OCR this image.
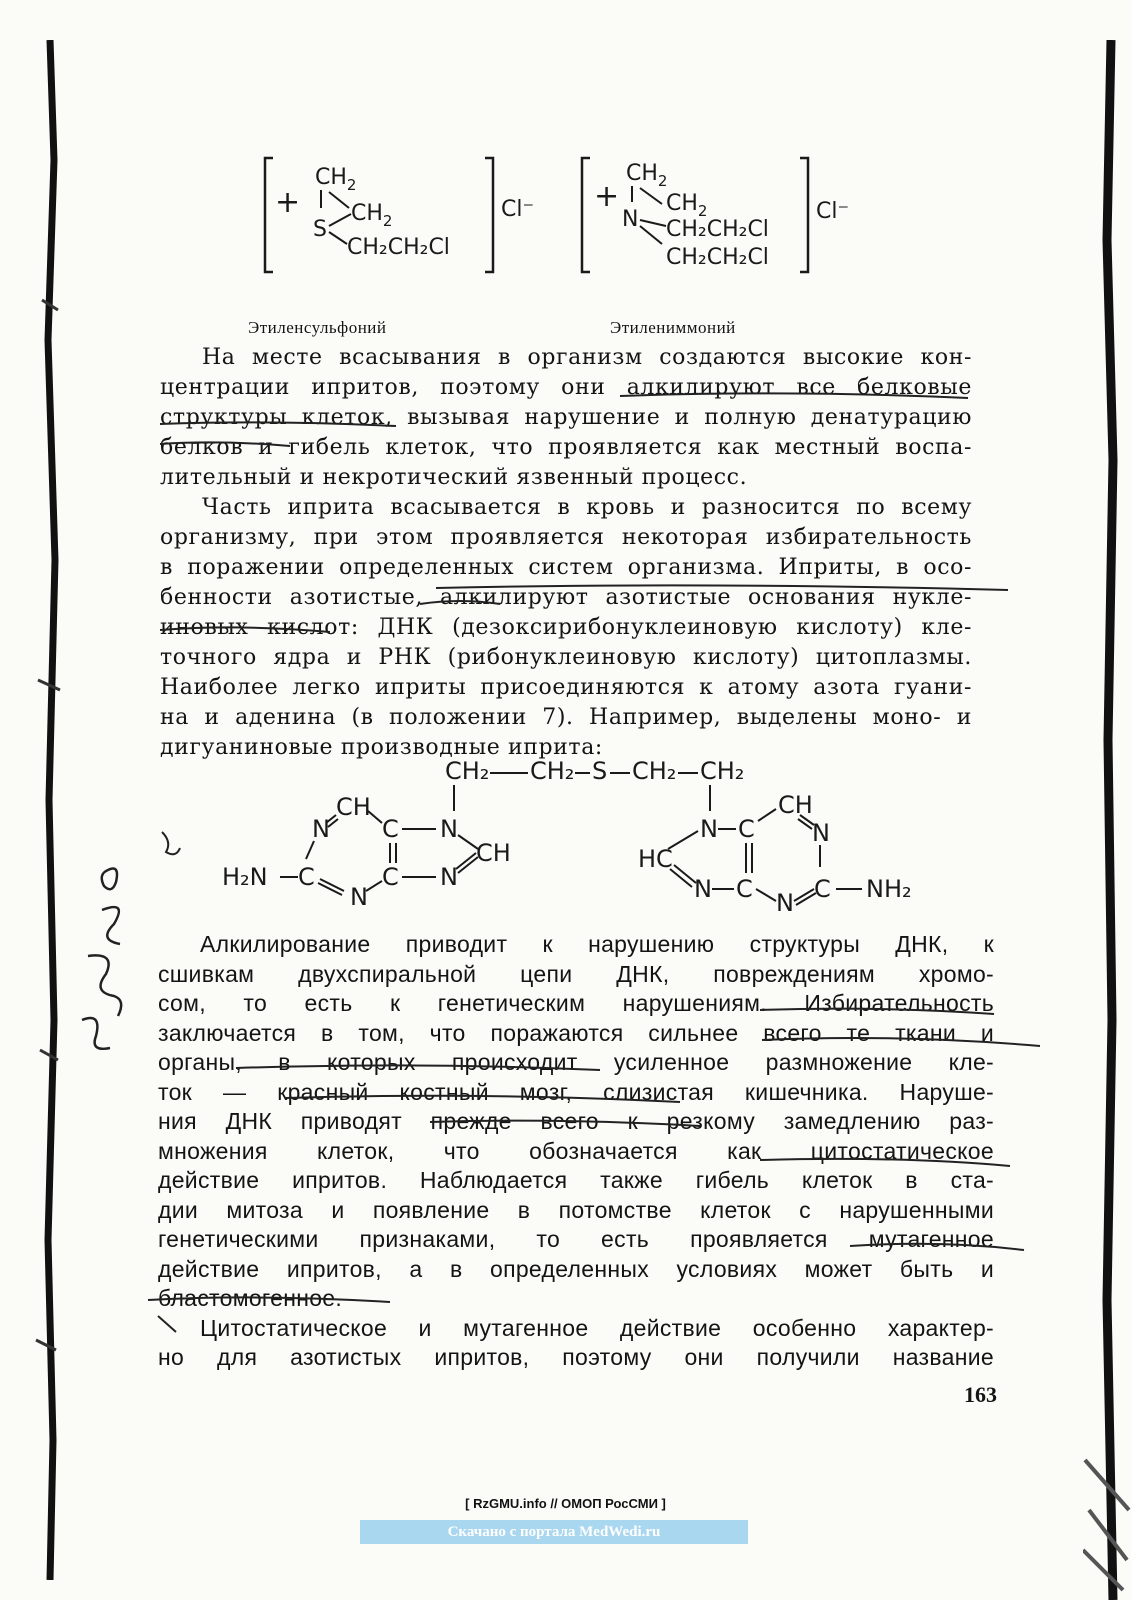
+
$CH_2$
$CH_2$
S
CH₂CH₂Cl
Cl⁻ +
$CH_2$
$CH_2$
N CH₂CH₂Cl
CH₂CH₂Cl
Cl⁻
Этиленсульфоний	Этилениммоний
На месте всасывания в организм создаются высокие кон-
центрации ипритов, поэтому они алкилируют все белковые
структуры клеток, вызывая нарушение и полную денатурацию
белков и гибель клеток, что проявляется как местный воспа-
лительный и некротический язвенный процесс.
Часть иприта всасывается в кровь и разносится по всему
организму, при этом проявляется некоторая избирательность
в поражении определенных систем организма. Иприты, в осо-
бенности азотистые, алкилируют азотистые основания нукле-
иновых кислот: ДНК (дезоксирибонуклеиновую кислоту) кле-
точного ядра и РНК (рибонуклеиновую кислоту) цитоплазмы.
Наиболее легко иприты присоединяются к атому азота гуани-
на и аденина (в положении 7). Например, выделены моно- и
дигуаниновые производные иприта:
CH₂ CH₂ S CH₂ CH₂
H₂N
N
CH
C N
C	C N
CH
N
N C
CH
N
HC
N C N C NH₂
Алкилирование приводит к нарушению структуры ДНК, к
сшивкам двухспиральной цепи ДНК, повреждениям хромо-
сом, то есть к генетическим нарушениям. Избирательность
заключается в том, что поражаются сильнее всего те ткани и
органы, в которых происходит усиленное размножение кле-
ток — красный костный мозг, слизистая кишечника. Наруше-
ния ДНК приводят прежде всего к резкому замедлению раз-
множения клеток, что обозначается как цитостатическое
действие ипритов. Наблюдается также гибель клеток в ста-
дии митоза и появление в потомстве клеток с нарушенными
генетическими признаками, то есть проявляется мутагенное
действие ипритов, а в определенных условиях может быть и
бластомогенное.
Цитостатическое и мутагенное действие особенно характер-
но для азотистых ипритов, поэтому они получили название
163
[ RzGMU.info // ОМОП РосСМИ ]
Скачано с портала MedWedi.ru
